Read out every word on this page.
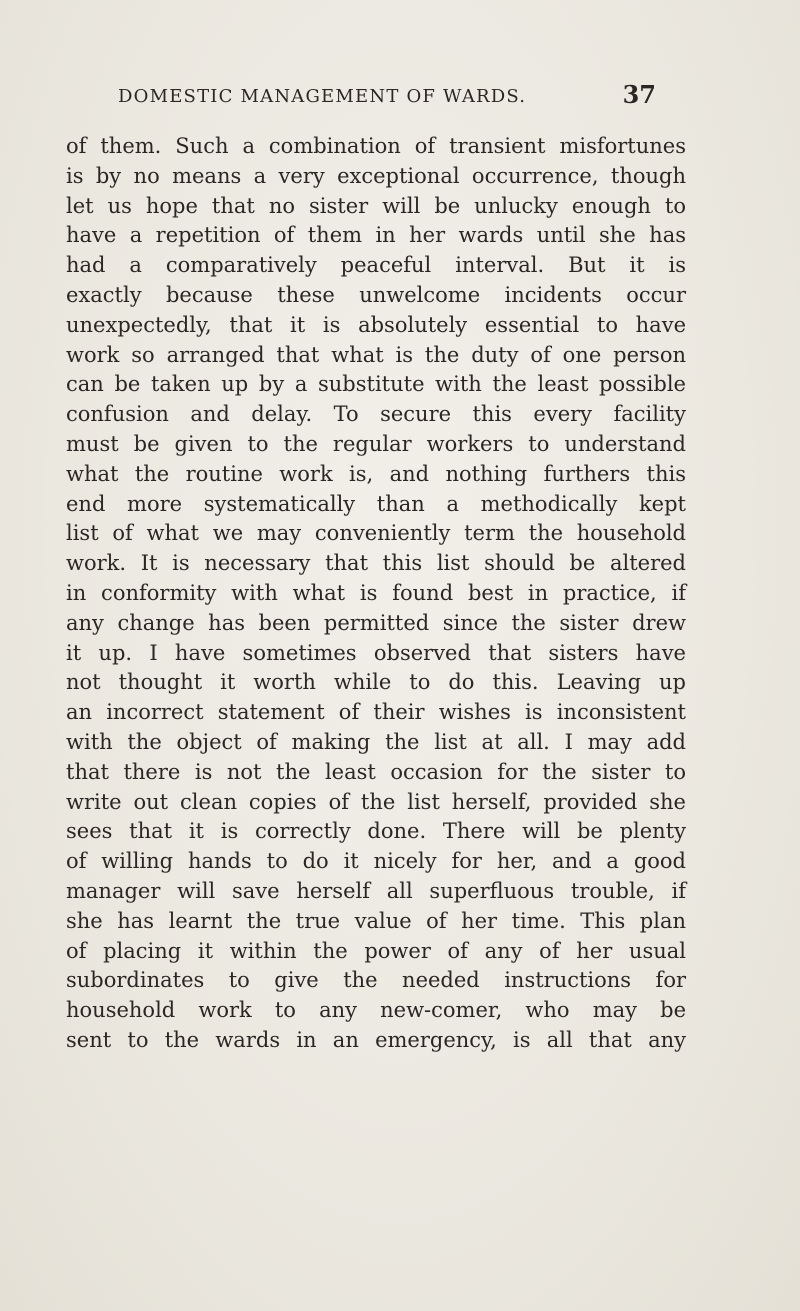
DOMESTIC MANAGEMENT OF WARDS.	37
of them. Such a combination of transient misfortunes
is by no means a very exceptional occurrence, though
let us hope that no sister will be unlucky enough to
have a repetition of them in her wards until she has
had a comparatively peaceful interval. But it is
exactly because these unwelcome incidents occur
unexpectedly, that it is absolutely essential to have
work so arranged that what is the duty of one person
can be taken up by a substitute with the least possible
confusion and delay. To secure this every facility
must be given to the regular workers to understand
what the routine work is, and nothing furthers this
end more systematically than a methodically kept
list of what we may conveniently term the household
work. It is necessary that this list should be altered
in conformity with what is found best in practice, if
any change has been permitted since the sister drew
it up. I have sometimes observed that sisters have
not thought it worth while to do this. Leaving up
an incorrect statement of their wishes is inconsistent
with the object of making the list at all. I may add
that there is not the least occasion for the sister to
write out clean copies of the list herself, provided she
sees that it is correctly done. There will be plenty
of willing hands to do it nicely for her, and a good
manager will save herself all superfluous trouble, if
she has learnt the true value of her time. This plan
of placing it within the power of any of her usual
subordinates to give the needed instructions for
household work to any new-comer, who may be
sent to the wards in an emergency, is all that any
